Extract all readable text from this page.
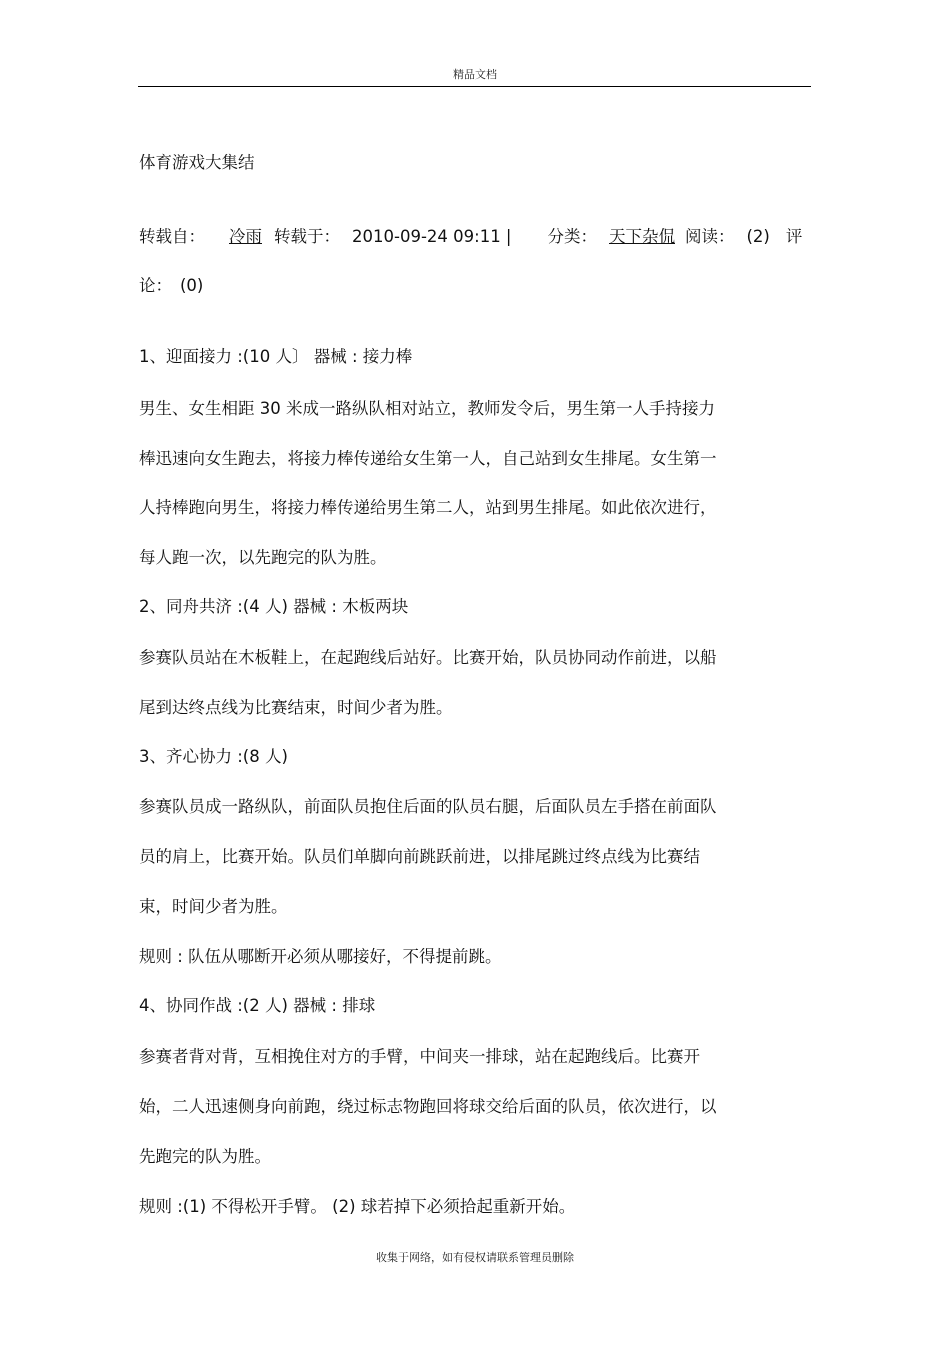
精品文档
体育游戏大集结
转载自： 冷雨 转载于： 2010-09-24 09:11 | 分类： 天下杂侃 阅读： (2) 评
论： (0)
1、迎面接力 :(10 人〕 器械 : 接力棒
男生、女生相距 30 米成一路纵队相对站立，教师发令后，男生第一人手持接力
棒迅速向女生跑去，将接力棒传递给女生第一人，自己站到女生排尾。女生第一
人持棒跑向男生，将接力棒传递给男生第二人，站到男生排尾。如此依次进行，
每人跑一次，以先跑完的队为胜。
2、同舟共济 :(4 人) 器械 : 木板两块
参赛队员站在木板鞋上，在起跑线后站好。比赛开始，队员协同动作前进，以船
尾到达终点线为比赛结束，时间少者为胜。
3、齐心协力 :(8 人)
参赛队员成一路纵队，前面队员抱住后面的队员右腿，后面队员左手搭在前面队
员的肩上，比赛开始。队员们单脚向前跳跃前进，以排尾跳过终点线为比赛结
束，时间少者为胜。
规则 : 队伍从哪断开必须从哪接好，不得提前跳。
4、协同作战 :(2 人) 器械 : 排球
参赛者背对背，互相挽住对方的手臂，中间夹一排球，站在起跑线后。比赛开
始，二人迅速侧身向前跑，绕过标志物跑回将球交给后面的队员，依次进行，以
先跑完的队为胜。
规则 :(1) 不得松开手臂。 (2) 球若掉下必须拾起重新开始。
收集于网络，如有侵权请联系管理员删除
